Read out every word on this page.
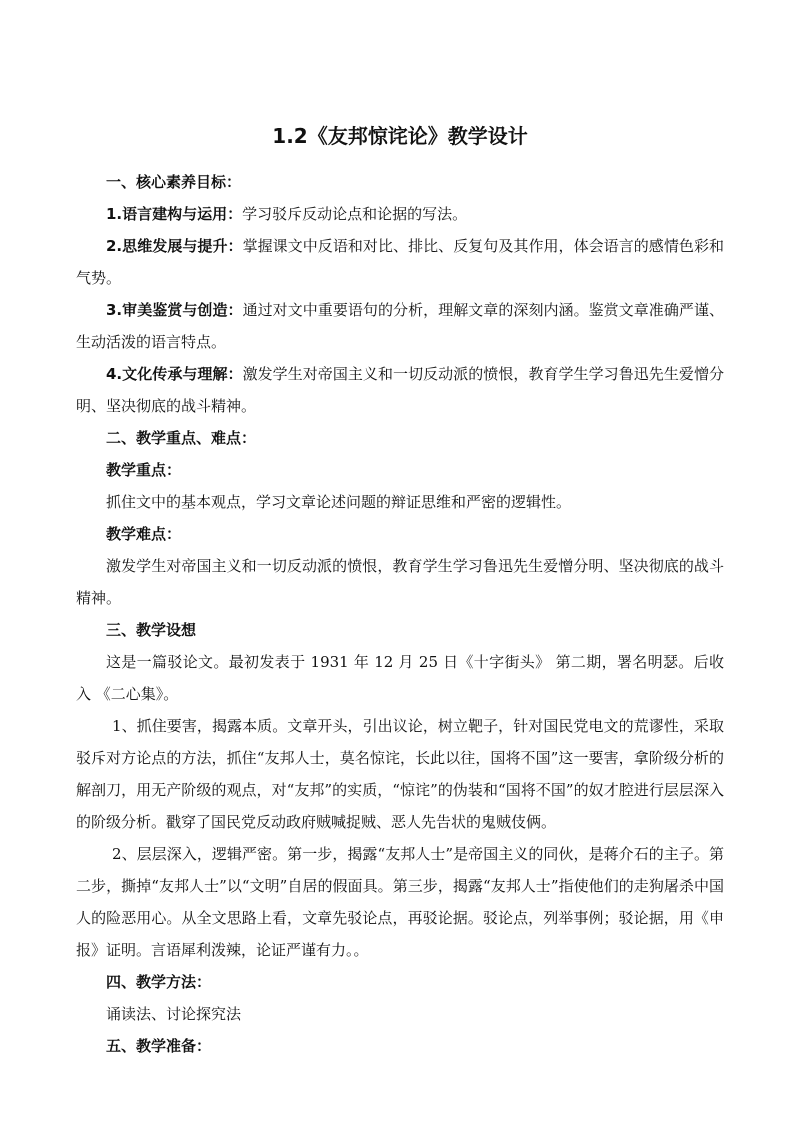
1.2《友邦惊诧论》教学设计

一、核心素养目标：

1.语言建构与运用：学习驳斥反动论点和论据的写法。

2.思维发展与提升：掌握课文中反语和对比、排比、反复句及其作用，体会语言的感情色彩和气势。

3.审美鉴赏与创造：通过对文中重要语句的分析，理解文章的深刻内涵。鉴赏文章准确严谨、生动活泼的语言特点。

4.文化传承与理解：激发学生对帝国主义和一切反动派的愤恨，教育学生学习鲁迅先生爱憎分明、坚决彻底的战斗精神。

二、教学重点、难点：

教学重点：

抓住文中的基本观点，学习文章论述问题的辩证思维和严密的逻辑性。

教学难点：

激发学生对帝国主义和一切反动派的愤恨，教育学生学习鲁迅先生爱憎分明、坚决彻底的战斗精神。

三、教学设想

这是一篇驳论文。最初发表于 1931 年 12 月 25 日《十字街头》 第二期，署名明瑟。后收入 《二心集》。

1、抓住要害，揭露本质。文章开头，引出议论，树立靶子，针对国民党电文的荒谬性，采取驳斥对方论点的方法，抓住“友邦人士，莫名惊诧，长此以往，国将不国”这一要害，拿阶级分析的解剖刀，用无产阶级的观点，对“友邦”的实质，“惊诧”的伪装和“国将不国”的奴才腔进行层层深入的阶级分析。戳穿了国民党反动政府贼喊捉贼、恶人先告状的鬼贼伎俩。

2、层层深入，逻辑严密。第一步，揭露“友邦人士”是帝国主义的同伙，是蒋介石的主子。第二步，撕掉“友邦人士”以“文明”自居的假面具。第三步，揭露“友邦人士”指使他们的走狗屠杀中国人的险恶用心。从全文思路上看，文章先驳论点，再驳论据。驳论点，列举事例；驳论据，用《申报》证明。言语犀利泼辣，论证严谨有力。。

四、教学方法：

诵读法、讨论探究法

五、教学准备：
